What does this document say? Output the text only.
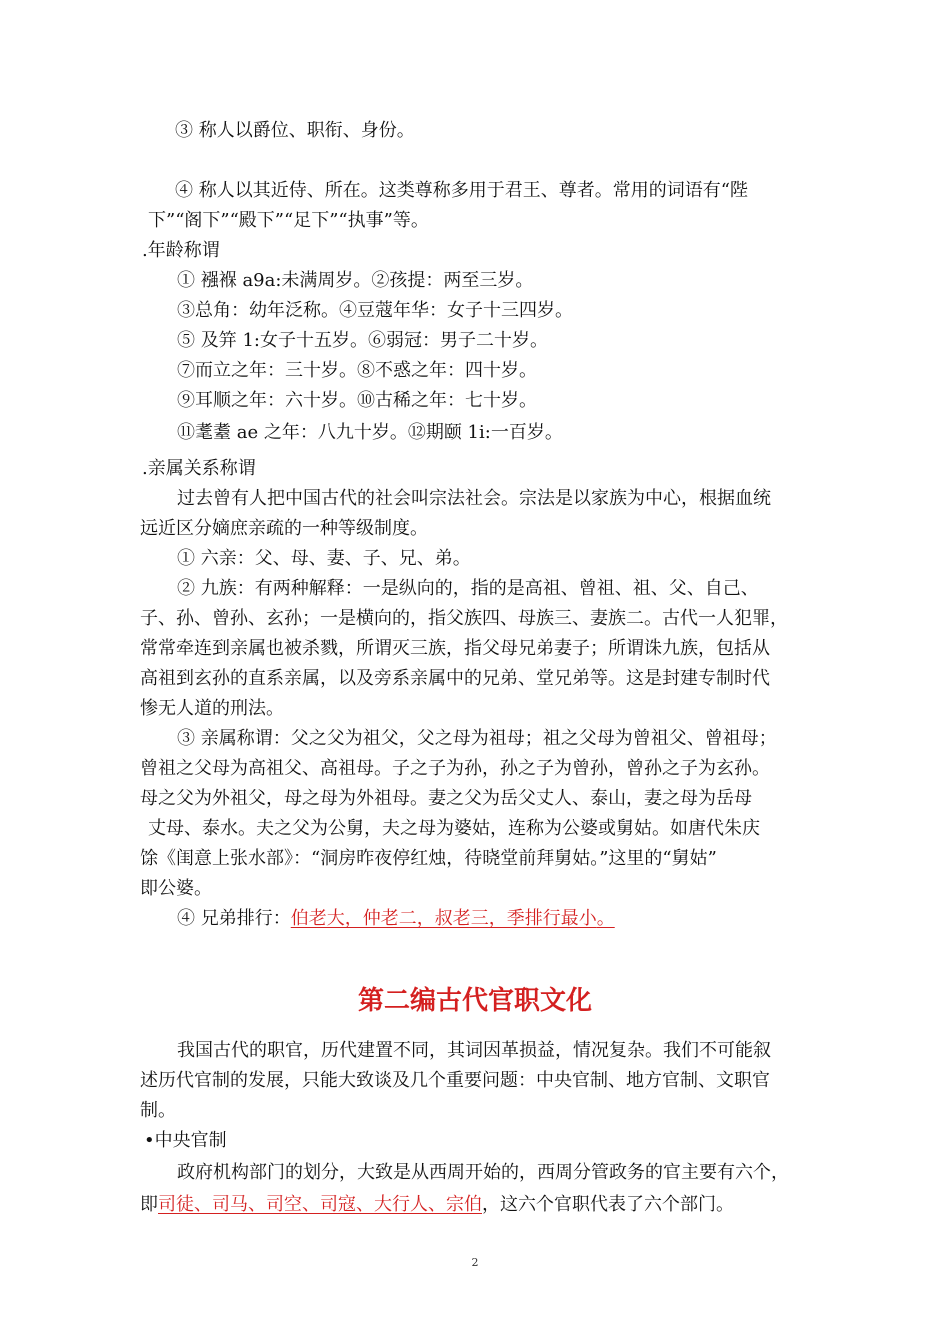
③ 称人以爵位、职衔、身份。
④ 称人以其近侍、所在。这类尊称多用于君王、尊者。常用的词语有“陛
下”“阁下”“殿下”“足下”“执事”等。
.年龄称谓
① 襁褓 a9a:未满周岁。②孩提：两至三岁。
③总角：幼年泛称。④豆蔻年华：女子十三四岁。
⑤ 及笄 1:女子十五岁。⑥弱冠：男子二十岁。
⑦而立之年：三十岁。⑧不惑之年：四十岁。
⑨耳顺之年：六十岁。⑩古稀之年：七十岁。
⑪耄耋 ae 之年：八九十岁。⑫期颐 1i:一百岁。
.亲属关系称谓
过去曾有人把中国古代的社会叫宗法社会。宗法是以家族为中心，根据血统
远近区分嫡庶亲疏的一种等级制度。
① 六亲：父、母、妻、子、兄、弟。
② 九族：有两种解释：一是纵向的，指的是高祖、曾祖、祖、父、自己、
子、孙、曾孙、玄孙；一是横向的，指父族四、母族三、妻族二。古代一人犯罪，
常常牵连到亲属也被杀戮，所谓灭三族，指父母兄弟妻子；所谓诛九族，包括从
高祖到玄孙的直系亲属，以及旁系亲属中的兄弟、堂兄弟等。这是封建专制时代
惨无人道的刑法。
③ 亲属称谓：父之父为祖父，父之母为祖母；祖之父母为曾祖父、曾祖母；
曾祖之父母为高祖父、高祖母。子之子为孙，孙之子为曾孙，曾孙之子为玄孙。
母之父为外祖父，母之母为外祖母。妻之父为岳父丈人、泰山，妻之母为岳母
丈母、泰水。夫之父为公舅，夫之母为婆姑，连称为公婆或舅姑。如唐代朱庆
馀《闺意上张水部》：“洞房昨夜停红烛，待晓堂前拜舅姑。”这里的“舅姑”
即公婆。
④ 兄弟排行：伯老大，仲老二，叔老三，季排行最小。
第二编古代官职文化
我国古代的职官，历代建置不同，其词因革损益，情况复杂。我们不可能叙
述历代官制的发展，只能大致谈及几个重要问题：中央官制、地方官制、文职官
制。
•中央官制
政府机构部门的划分，大致是从西周开始的，西周分管政务的官主要有六个，
即司徒、司马、司空、司寇、大行人、宗伯，这六个官职代表了六个部门。
2
